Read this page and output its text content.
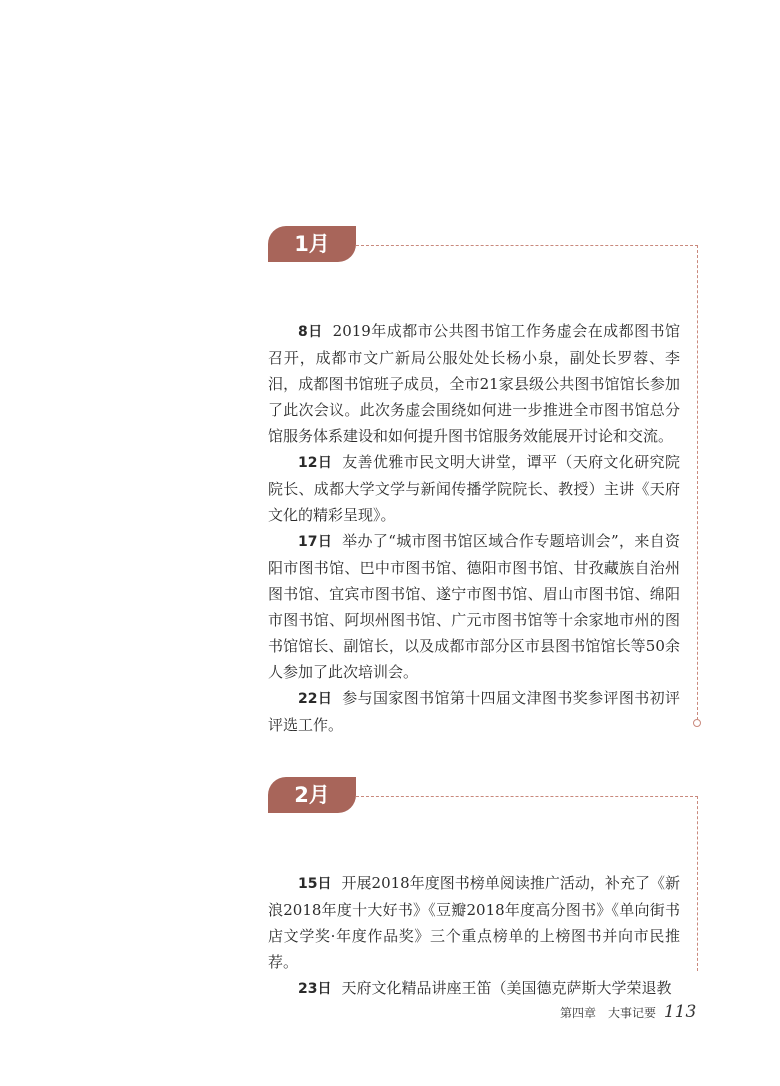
1月

8日 2019年成都市公共图书馆工作务虚会在成都图书馆召开，成都市文广新局公服处处长杨小泉，副处长罗蓉、李汨，成都图书馆班子成员，全市21家县级公共图书馆馆长参加了此次会议。此次务虚会围绕如何进一步推进全市图书馆总分馆服务体系建设和如何提升图书馆服务效能展开讨论和交流。

12日 友善优雅市民文明大讲堂，谭平（天府文化研究院院长、成都大学文学与新闻传播学院院长、教授）主讲《天府文化的精彩呈现》。

17日 举办了“城市图书馆区域合作专题培训会”，来自资阳市图书馆、巴中市图书馆、德阳市图书馆、甘孜藏族自治州图书馆、宜宾市图书馆、遂宁市图书馆、眉山市图书馆、绵阳市图书馆、阿坝州图书馆、广元市图书馆等十余家地市州的图书馆馆长、副馆长，以及成都市部分区市县图书馆馆长等50余人参加了此次培训会。

22日 参与国家图书馆第十四届文津图书奖参评图书初评评选工作。

2月

15日 开展2018年度图书榜单阅读推广活动，补充了《新浪2018年度十大好书》《豆瓣2018年度高分图书》《单向街书店文学奖·年度作品奖》三个重点榜单的上榜图书并向市民推荐。

23日 天府文化精品讲座王笛（美国德克萨斯大学荣退教

第四章　大事记要 113
